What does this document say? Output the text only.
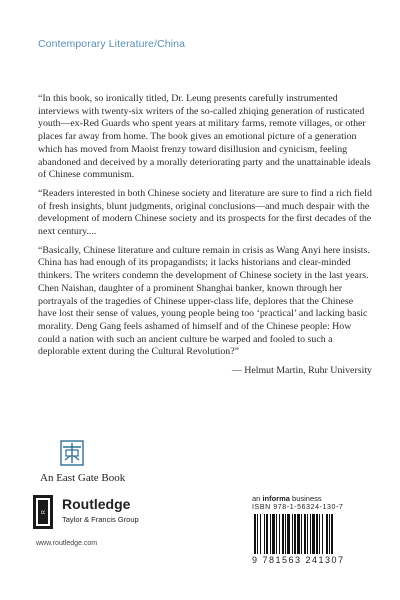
Contemporary Literature/China

“In this book, so ironically titled, Dr. Leung presents carefully instrumented interviews with twenty-six writers of the so-called zhiqing generation of rusticated youth—ex-Red Guards who spent years at military farms, remote villages, or other places far away from home. The book gives an emotional picture of a generation which has moved from Maoist frenzy toward disillusion and cynicism, feeling abandoned and deceived by a morally deteriorating party and the unattainable ideals of Chinese communism.

“Readers interested in both Chinese society and literature are sure to find a rich field of fresh insights, blunt judgments, original conclusions—and much despair with the development of modern Chinese society and its prospects for the first decades of the next century....

“Basically, Chinese literature and culture remain in crisis as Wang Anyi here insists. China has had enough of its propagandists; it lacks historians and clear-minded thinkers. The writers condemn the development of Chinese society in the last years. Chen Naishan, daughter of a prominent Shanghai banker, known through her portrayals of the tragedies of Chinese upper-class life, deplores that the Chinese have lost their sense of values, young people being too ‘practical’ and lacking basic morality. Deng Gang feels ashamed of himself and of the Chinese people: How could a nation with such an ancient culture be warped and fooled to such a deplorable extent during the Cultural Revolution?”

— Helmut Martin, Ruhr University
An East Gate Book
R Routledge
Taylor & Francis Group
www.routledge.com
an informa business
ISBN 978-1-56324-130-7
9 781563 241307
